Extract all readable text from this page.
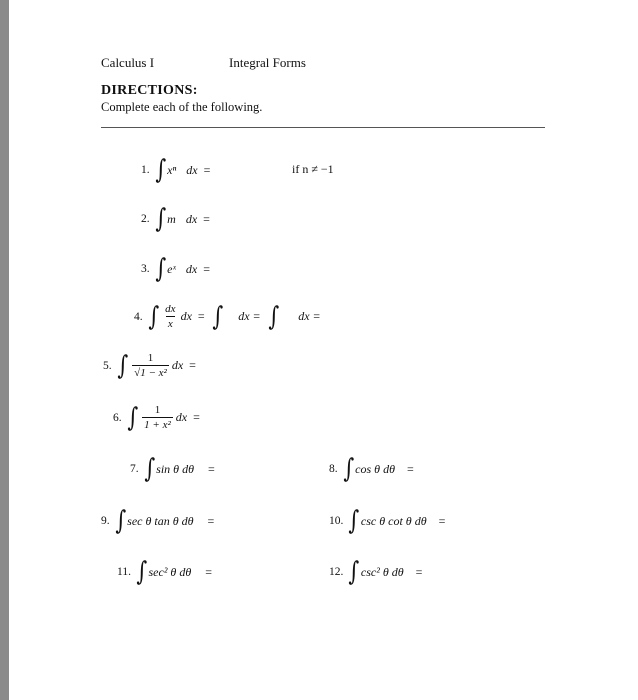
Calculus I	Integral Forms
DIRECTIONS:
Complete each of the following.
1. ∫ xⁿ dx =	if n ≠ −1
2. ∫ m dx =
3. ∫ eˣ dx =
4. ∫ $\frac{dx}{x}$ dx = ∫ dx = ∫ dx =
5. ∫ $\frac{1}{\text{√1 − x²}}$ dx =
6. ∫ $\frac{1}{\text{1 + x²}}$ dx =
7. ∫ sin θ dθ =	8. ∫ cos θ dθ =
9. ∫ sec θ tan θ dθ =	10. ∫ csc θ cot θ dθ =
11. ∫ sec² θ dθ =	12. ∫ csc² θ dθ =
